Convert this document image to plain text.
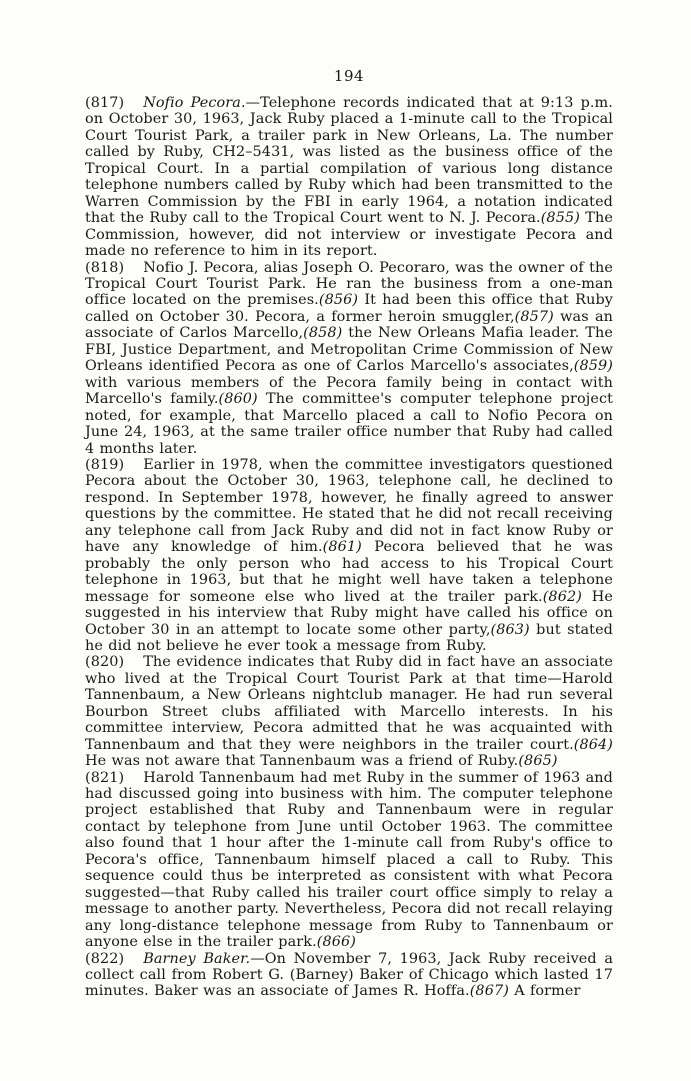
194

(817) Nofio Pecora.—Telephone records indicated that at 9:13 p.m. on October 30, 1963, Jack Ruby placed a 1-minute call to the Tropical Court Tourist Park, a trailer park in New Orleans, La. The number called by Ruby, CH2–5431, was listed as the business office of the Tropical Court. In a partial compilation of various long distance telephone numbers called by Ruby which had been transmitted to the Warren Commission by the FBI in early 1964, a notation indicated that the Ruby call to the Tropical Court went to N. J. Pecora.(855) The Commission, however, did not interview or investigate Pecora and made no reference to him in its report.

(818) Nofio J. Pecora, alias Joseph O. Pecoraro, was the owner of the Tropical Court Tourist Park. He ran the business from a one-man office located on the premises.(856) It had been this office that Ruby called on October 30. Pecora, a former heroin smuggler,(857) was an associate of Carlos Marcello,(858) the New Orleans Mafia leader. The FBI, Justice Department, and Metropolitan Crime Commission of New Orleans identified Pecora as one of Carlos Marcello's associates,(859) with various members of the Pecora family being in contact with Marcello's family.(860) The committee's computer telephone project noted, for example, that Marcello placed a call to Nofio Pecora on June 24, 1963, at the same trailer office number that Ruby had called 4 months later.

(819) Earlier in 1978, when the committee investigators questioned Pecora about the October 30, 1963, telephone call, he declined to respond. In September 1978, however, he finally agreed to answer questions by the committee. He stated that he did not recall receiving any telephone call from Jack Ruby and did not in fact know Ruby or have any knowledge of him.(861) Pecora believed that he was probably the only person who had access to his Tropical Court telephone in 1963, but that he might well have taken a telephone message for someone else who lived at the trailer park.(862) He suggested in his interview that Ruby might have called his office on October 30 in an attempt to locate some other party,(863) but stated he did not believe he ever took a message from Ruby.

(820) The evidence indicates that Ruby did in fact have an associate who lived at the Tropical Court Tourist Park at that time—Harold Tannenbaum, a New Orleans nightclub manager. He had run several Bourbon Street clubs affiliated with Marcello interests. In his committee interview, Pecora admitted that he was acquainted with Tannenbaum and that they were neighbors in the trailer court.(864) He was not aware that Tannenbaum was a friend of Ruby.(865)

(821) Harold Tannenbaum had met Ruby in the summer of 1963 and had discussed going into business with him. The computer telephone project established that Ruby and Tannenbaum were in regular contact by telephone from June until October 1963. The committee also found that 1 hour after the 1-minute call from Ruby's office to Pecora's office, Tannenbaum himself placed a call to Ruby. This sequence could thus be interpreted as consistent with what Pecora suggested—that Ruby called his trailer court office simply to relay a message to another party. Nevertheless, Pecora did not recall relaying any long-distance telephone message from Ruby to Tannenbaum or anyone else in the trailer park.(866)

(822) Barney Baker.—On November 7, 1963, Jack Ruby received a collect call from Robert G. (Barney) Baker of Chicago which lasted 17 minutes. Baker was an associate of James R. Hoffa.(867) A former
